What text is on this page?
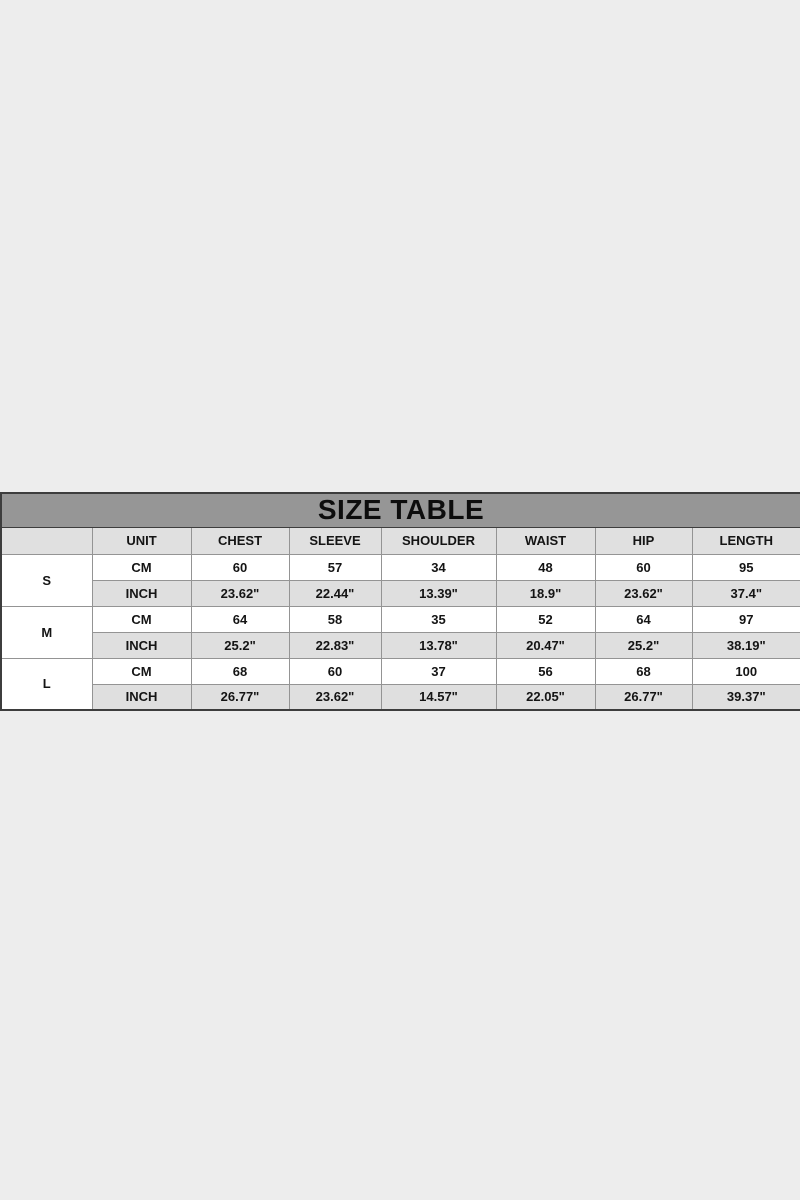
SIZE TABLE							
	UNIT	CHEST	SLEEVE	SHOULDER	WAIST	HIP	LENGTH
S	CM	60	57	34	48	60	95
	INCH	23.62"	22.44"	13.39"	18.9"	23.62"	37.4"
M	CM	64	58	35	52	64	97
	INCH	25.2"	22.83"	13.78"	20.47"	25.2"	38.19"
L	CM	68	60	37	56	68	100
	INCH	26.77"	23.62"	14.57"	22.05"	26.77"	39.37"
